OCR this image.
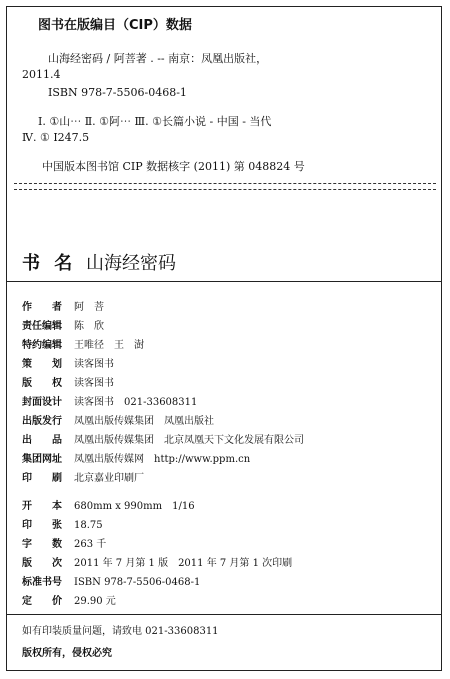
图书在版编目（CIP）数据
山海经密码 / 阿菩著 . -- 南京：凤凰出版社，
2011.4
ISBN 978-7-5506-0468-1
Ⅰ. ①山⋯ Ⅱ. ①阿⋯ Ⅲ. ①长篇小说 - 中国 - 当代
Ⅳ. ① I247.5
中国版本图书馆 CIP 数据核字 (2011) 第 048824 号
书 名 山海经密码
作　　者 阿　菩
责任编辑 陈　欣
特约编辑 王唯径　王　澍
策　　划 读客图书
版　　权 读客图书
封面设计 读客图书　021-33608311
出版发行 凤凰出版传媒集团　凤凰出版社
出　　品 凤凰出版传媒集团　北京凤凰天下文化发展有限公司
集团网址 凤凰出版传媒网　http://www.ppm.cn
印　　刷 北京嘉业印刷厂
开　　本 680mm x 990mm　1/16
印　　张 18.75
字　　数 263 千
版　　次 2011 年 7 月第 1 版　2011 年 7 月第 1 次印刷
标准书号 ISBN 978-7-5506-0468-1
定　　价 29.90 元
如有印装质量问题，请致电 021-33608311
版权所有，侵权必究
